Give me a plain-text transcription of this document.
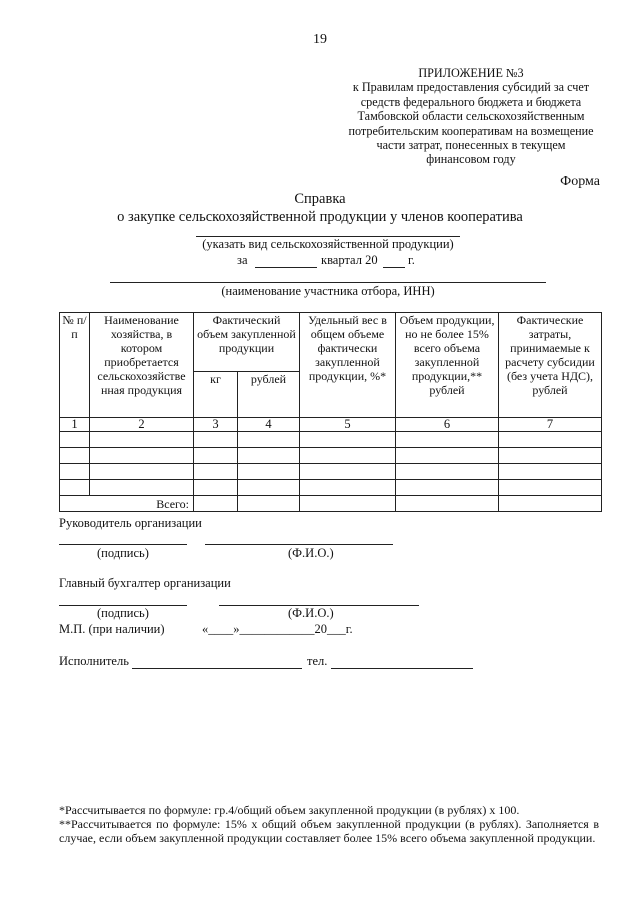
19
ПРИЛОЖЕНИЕ №3
к Правилам предоставления субсидий за счет
средств федерального бюджета и бюджета
Тамбовской области сельскохозяйственным
потребительским кооперативам на возмещение
части затрат, понесенных в текущем
финансовом году
Форма
Справка
о закупке сельскохозяйственной продукции у членов кооператива
(указать вид сельскохозяйственной продукции)
за	квартал 20 г.
(наименование участника отбора, ИНН)
№ п/п	Наименование хозяйства, в котором приобретается сельскохозяйстве нная продукция	Фактический объем закупленной продукции		Удельный вес в общем объеме фактически закупленной продукции, %*	Объем продукции, но не более 15% всего объема закупленной продукции,** рублей	Фактические затраты, принимаемые к расчету субсидии (без учета НДС), рублей
		кг	рублей			
1	2	3	4	5	6	7

Всего:						
Руководитель организации
(подпись)	(Ф.И.О.)
Главный бухгалтер организации
(подпись)	(Ф.И.О.)
М.П. (при наличии)	«____»____________20___г.
Исполнитель	тел.
*Рассчитывается по формуле: гр.4/общий объем закупленной продукции (в рублях) х 100.
**Рассчитывается по формуле: 15% х общий объем закупленной продукции (в рублях). Заполняется в случае, если объем закупленной продукции составляет более 15% всего объема закупленной продукции.
